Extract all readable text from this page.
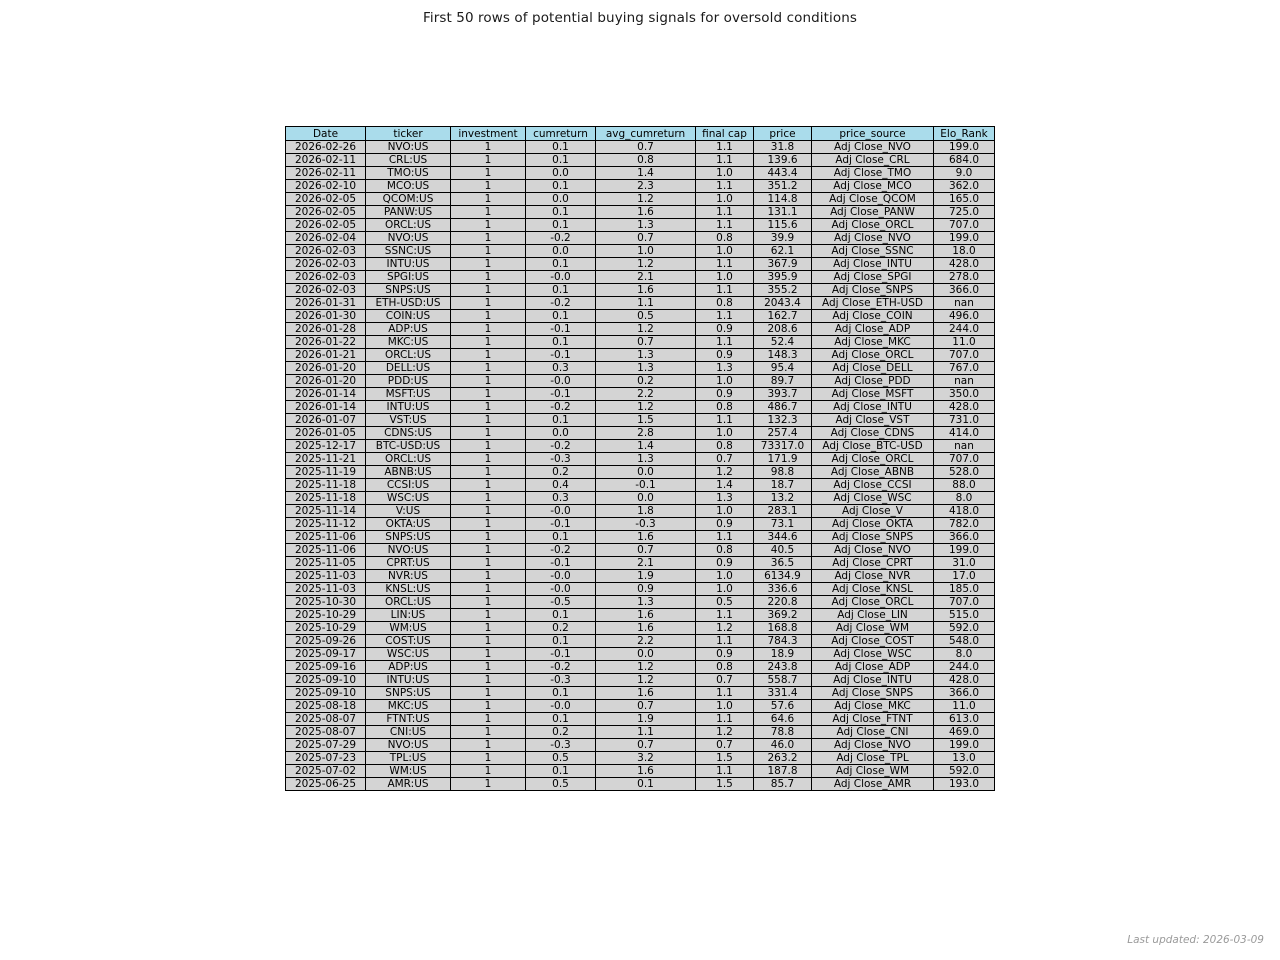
First 50 rows of potential buying signals for oversold conditions
Date	ticker	investment	cumreturn	avg_cumreturn	final cap	price	price_source	Elo_Rank
2026-02-26	NVO:US	1	0.1	0.7	1.1	31.8	Adj Close_NVO	199.0
2026-02-11	CRL:US	1	0.1	0.8	1.1	139.6	Adj Close_CRL	684.0
2026-02-11	TMO:US	1	0.0	1.4	1.0	443.4	Adj Close_TMO	9.0
2026-02-10	MCO:US	1	0.1	2.3	1.1	351.2	Adj Close_MCO	362.0
2026-02-05	QCOM:US	1	0.0	1.2	1.0	114.8	Adj Close_QCOM	165.0
2026-02-05	PANW:US	1	0.1	1.6	1.1	131.1	Adj Close_PANW	725.0
2026-02-05	ORCL:US	1	0.1	1.3	1.1	115.6	Adj Close_ORCL	707.0
2026-02-04	NVO:US	1	-0.2	0.7	0.8	39.9	Adj Close_NVO	199.0
2026-02-03	SSNC:US	1	0.0	1.0	1.0	62.1	Adj Close_SSNC	18.0
2026-02-03	INTU:US	1	0.1	1.2	1.1	367.9	Adj Close_INTU	428.0
2026-02-03	SPGI:US	1	-0.0	2.1	1.0	395.9	Adj Close_SPGI	278.0
2026-02-03	SNPS:US	1	0.1	1.6	1.1	355.2	Adj Close_SNPS	366.0
2026-01-31	ETH-USD:US	1	-0.2	1.1	0.8	2043.4	Adj Close_ETH-USD	nan
2026-01-30	COIN:US	1	0.1	0.5	1.1	162.7	Adj Close_COIN	496.0
2026-01-28	ADP:US	1	-0.1	1.2	0.9	208.6	Adj Close_ADP	244.0
2026-01-22	MKC:US	1	0.1	0.7	1.1	52.4	Adj Close_MKC	11.0
2026-01-21	ORCL:US	1	-0.1	1.3	0.9	148.3	Adj Close_ORCL	707.0
2026-01-20	DELL:US	1	0.3	1.3	1.3	95.4	Adj Close_DELL	767.0
2026-01-20	PDD:US	1	-0.0	0.2	1.0	89.7	Adj Close_PDD	nan
2026-01-14	MSFT:US	1	-0.1	2.2	0.9	393.7	Adj Close_MSFT	350.0
2026-01-14	INTU:US	1	-0.2	1.2	0.8	486.7	Adj Close_INTU	428.0
2026-01-07	VST:US	1	0.1	1.5	1.1	132.3	Adj Close_VST	731.0
2026-01-05	CDNS:US	1	0.0	2.8	1.0	257.4	Adj Close_CDNS	414.0
2025-12-17	BTC-USD:US	1	-0.2	1.4	0.8	73317.0	Adj Close_BTC-USD	nan
2025-11-21	ORCL:US	1	-0.3	1.3	0.7	171.9	Adj Close_ORCL	707.0
2025-11-19	ABNB:US	1	0.2	0.0	1.2	98.8	Adj Close_ABNB	528.0
2025-11-18	CCSI:US	1	0.4	-0.1	1.4	18.7	Adj Close_CCSI	88.0
2025-11-18	WSC:US	1	0.3	0.0	1.3	13.2	Adj Close_WSC	8.0
2025-11-14	V:US	1	-0.0	1.8	1.0	283.1	Adj Close_V	418.0
2025-11-12	OKTA:US	1	-0.1	-0.3	0.9	73.1	Adj Close_OKTA	782.0
2025-11-06	SNPS:US	1	0.1	1.6	1.1	344.6	Adj Close_SNPS	366.0
2025-11-06	NVO:US	1	-0.2	0.7	0.8	40.5	Adj Close_NVO	199.0
2025-11-05	CPRT:US	1	-0.1	2.1	0.9	36.5	Adj Close_CPRT	31.0
2025-11-03	NVR:US	1	-0.0	1.9	1.0	6134.9	Adj Close_NVR	17.0
2025-11-03	KNSL:US	1	-0.0	0.9	1.0	336.6	Adj Close_KNSL	185.0
2025-10-30	ORCL:US	1	-0.5	1.3	0.5	220.8	Adj Close_ORCL	707.0
2025-10-29	LIN:US	1	0.1	1.6	1.1	369.2	Adj Close_LIN	515.0
2025-10-29	WM:US	1	0.2	1.6	1.2	168.8	Adj Close_WM	592.0
2025-09-26	COST:US	1	0.1	2.2	1.1	784.3	Adj Close_COST	548.0
2025-09-17	WSC:US	1	-0.1	0.0	0.9	18.9	Adj Close_WSC	8.0
2025-09-16	ADP:US	1	-0.2	1.2	0.8	243.8	Adj Close_ADP	244.0
2025-09-10	INTU:US	1	-0.3	1.2	0.7	558.7	Adj Close_INTU	428.0
2025-09-10	SNPS:US	1	0.1	1.6	1.1	331.4	Adj Close_SNPS	366.0
2025-08-18	MKC:US	1	-0.0	0.7	1.0	57.6	Adj Close_MKC	11.0
2025-08-07	FTNT:US	1	0.1	1.9	1.1	64.6	Adj Close_FTNT	613.0
2025-08-07	CNI:US	1	0.2	1.1	1.2	78.8	Adj Close_CNI	469.0
2025-07-29	NVO:US	1	-0.3	0.7	0.7	46.0	Adj Close_NVO	199.0
2025-07-23	TPL:US	1	0.5	3.2	1.5	263.2	Adj Close_TPL	13.0
2025-07-02	WM:US	1	0.1	1.6	1.1	187.8	Adj Close_WM	592.0
2025-06-25	AMR:US	1	0.5	0.1	1.5	85.7	Adj Close_AMR	193.0
Last updated: 2026-03-09
